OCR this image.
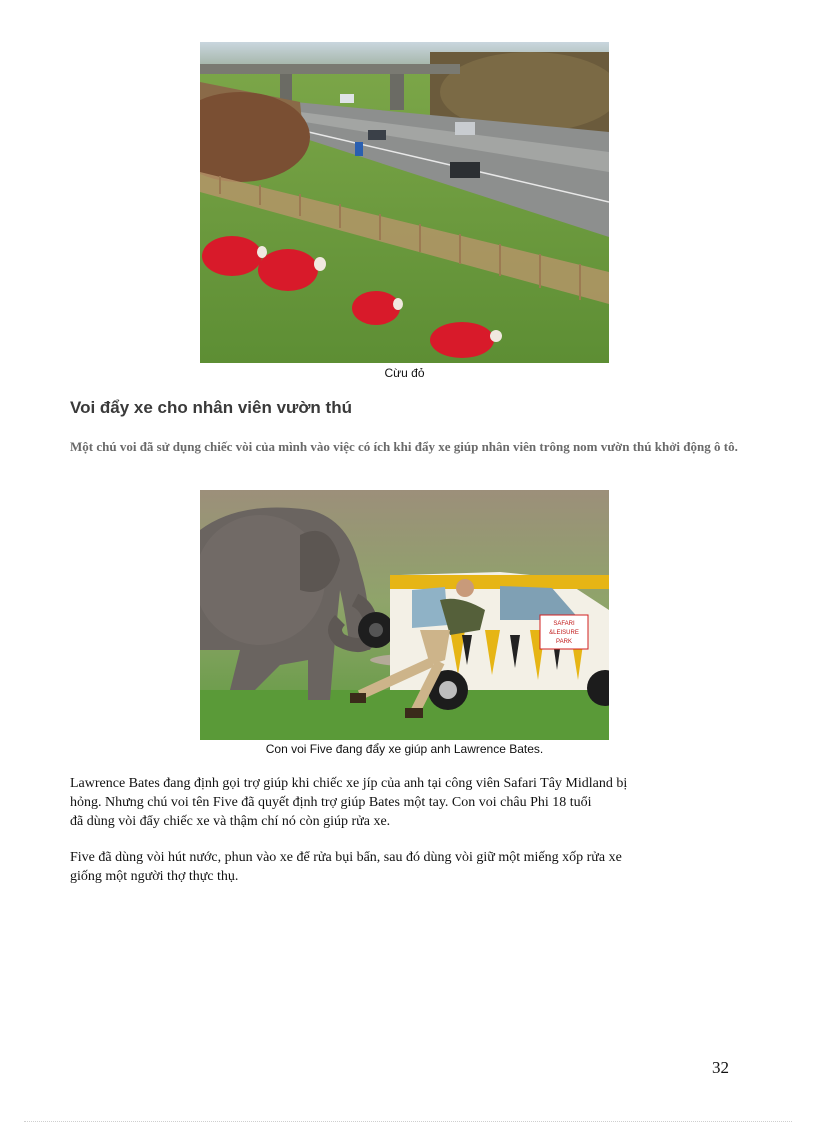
Cừu đỏ
Voi đẩy xe cho nhân viên vườn thú

Một chú voi đã sử dụng chiếc vòi của mình vào việc có ích khi đẩy xe giúp nhân viên trông nom vườn thú khởi động ô tô.

SAFARI
&LEISURE
PARK
Con voi Five đang đẩy xe giúp anh Lawrence Bates.

Lawrence Bates đang định gọi trợ giúp khi chiếc xe jíp của anh tại công viên Safari Tây Midland bị

hỏng. Nhưng chú voi tên Five đã quyết định trợ giúp Bates một tay. Con voi châu Phi 18 tuổi

đã dùng vòi đẩy chiếc xe và thậm chí nó còn giúp rửa xe.

Five đã dùng vòi hút nước, phun vào xe để rửa bụi bẩn, sau đó dùng vòi giữ một miếng xốp rửa xe

giống một người thợ thực thụ.

32
